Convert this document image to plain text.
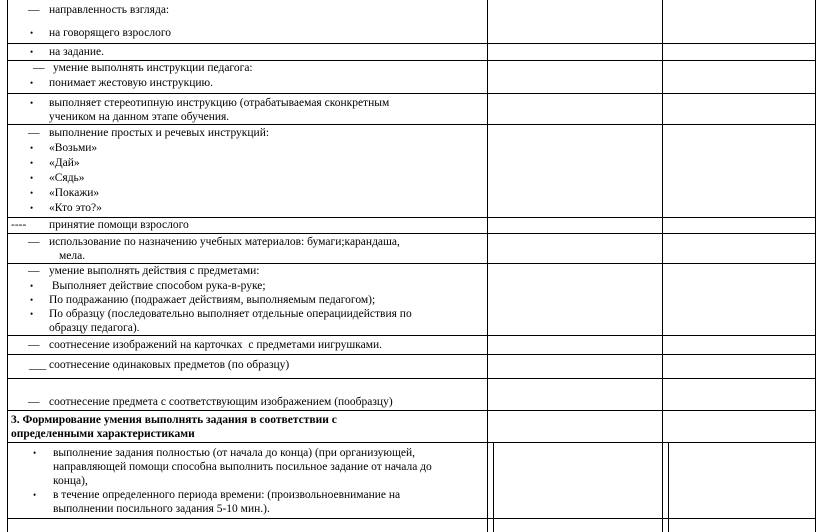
— направленность взгляда:
• на говорящего взрослого
• на задание.
— умение выполнять инструкции педагога:
• понимает жестовую инструкцию.
• выполняет стереотипную инструкцию (отрабатываемая сконкретным
учеником на данном этапе обучения.
— выполнение простых и речевых инструкций:
• «Возьми»
• «Дай»
• «Сядь»
• «Покажи»
• «Кто это?»
---- принятие помощи взрослого
— использование по назначению учебных материалов: бумаги;карандаша,
мела.
— умение выполнять действия с предметами:
• Выполняет действие способом рука-в-руке;
• По подражанию (подражает действиям, выполняемым педагогом);
• По образцу (последовательно выполняет отдельные операциидействия по
образцу педагога).
— соотнесение изображений на карточках  с предметами иигрушками.
___ соотнесение одинаковых предметов (по образцу)
— соотнесение предмета с соответствующим изображением (пообразцу)
3. Формирование умения выполнять задания в соответствии с
определенными характеристиками
• выполнение задания полностью (от начала до конца) (при организующей,
направляющей помощи способна выполнить посильное задание от начала до
конца),
• в течение определенного периода времени: (произвольноевнимание на
выполнении посильного задания 5-10 мин.).
